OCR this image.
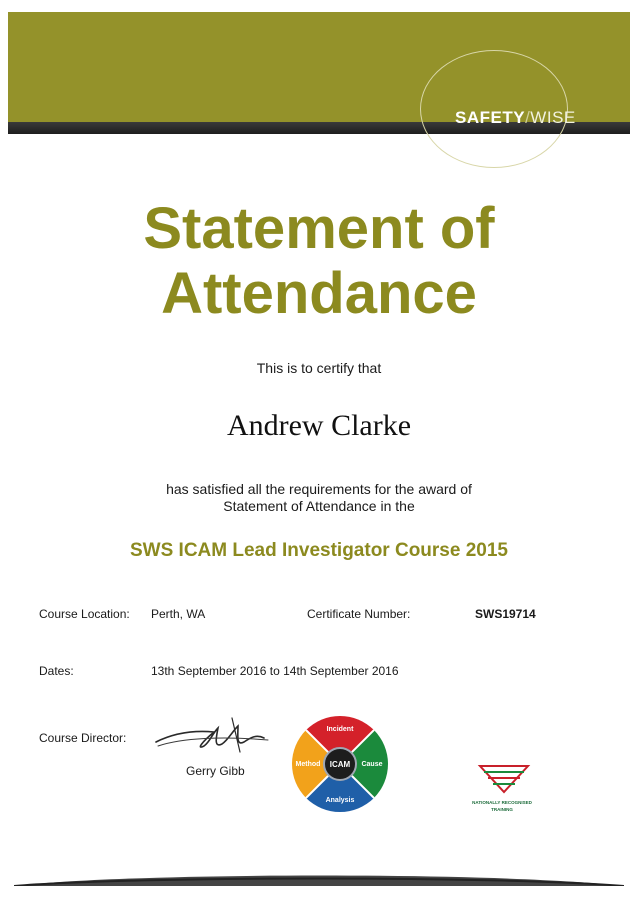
SAFETY/WISE
Statement of
Attendance
This is to certify that
Andrew Clarke
has satisfied all the requirements for the award of
Statement of Attendance in the
SWS ICAM Lead Investigator Course 2015
Course Location: Perth, WA	Certificate Number:	SWS19714
Dates:	13th September 2016 to 14th September 2016
Course Director:
Gerry Gibb
Incident
Cause
Analysis
Method ICAM
NATIONALLY RECOGNISED
TRAINING
